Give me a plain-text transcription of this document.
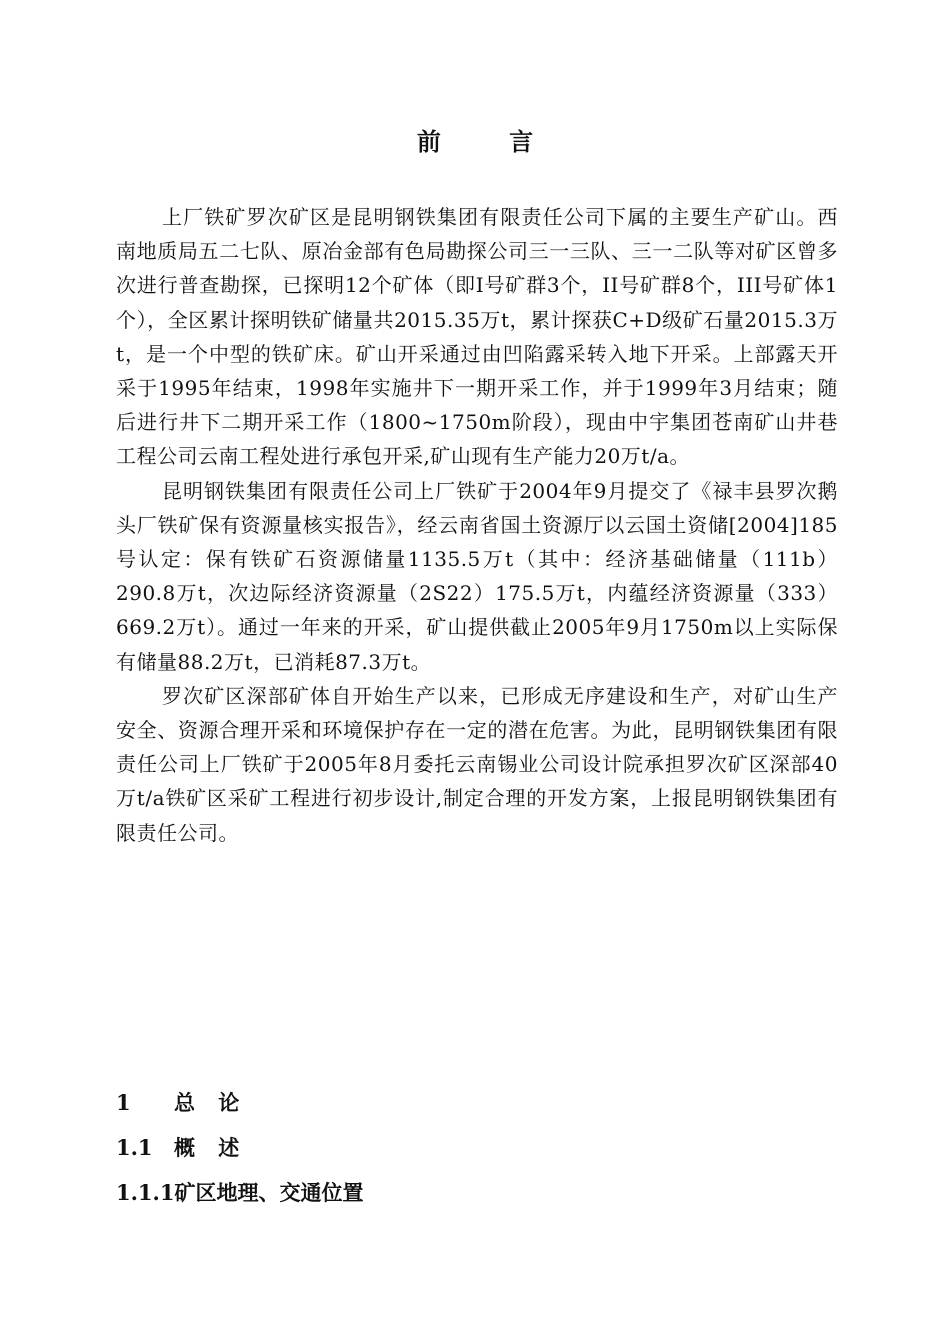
前 言

上厂铁矿罗次矿区是昆明钢铁集团有限责任公司下属的主要生产矿山。西南地质局五二七队、原冶金部有色局勘探公司三一三队、三一二队等对矿区曾多次进行普查勘探，已探明12个矿体（即I号矿群3个，II号矿群8个，III号矿体1个），全区累计探明铁矿储量共2015.35万t，累计探获C+D级矿石量2015.3万t，是一个中型的铁矿床。矿山开采通过由凹陷露采转入地下开采。上部露天开采于1995年结束，1998年实施井下一期开采工作，并于1999年3月结束；随后进行井下二期开采工作（1800~1750m阶段），现由中宇集团苍南矿山井巷工程公司云南工程处进行承包开采,矿山现有生产能力20万t/a。

昆明钢铁集团有限责任公司上厂铁矿于2004年9月提交了《禄丰县罗次鹅头厂铁矿保有资源量核实报告》，经云南省国土资源厅以云国土资储[2004]185号认定：保有铁矿石资源储量1135.5万t（其中：经济基础储量（111b）290.8万t，次边际经济资源量（2S22）175.5万t，内蕴经济资源量（333）669.2万t）。通过一年来的开采，矿山提供截止2005年9月1750m以上实际保有储量88.2万t，已消耗87.3万t。

罗次矿区深部矿体自开始生产以来，已形成无序建设和生产，对矿山生产安全、资源合理开采和环境保护存在一定的潜在危害。为此，昆明钢铁集团有限责任公司上厂铁矿于2005年8月委托云南锡业公司设计院承担罗次矿区深部40万t/a铁矿区采矿工程进行初步设计,制定合理的开发方案，上报昆明钢铁集团有限责任公司。

1 总 论
1.1 概 述
1.1.1矿区地理、交通位置
